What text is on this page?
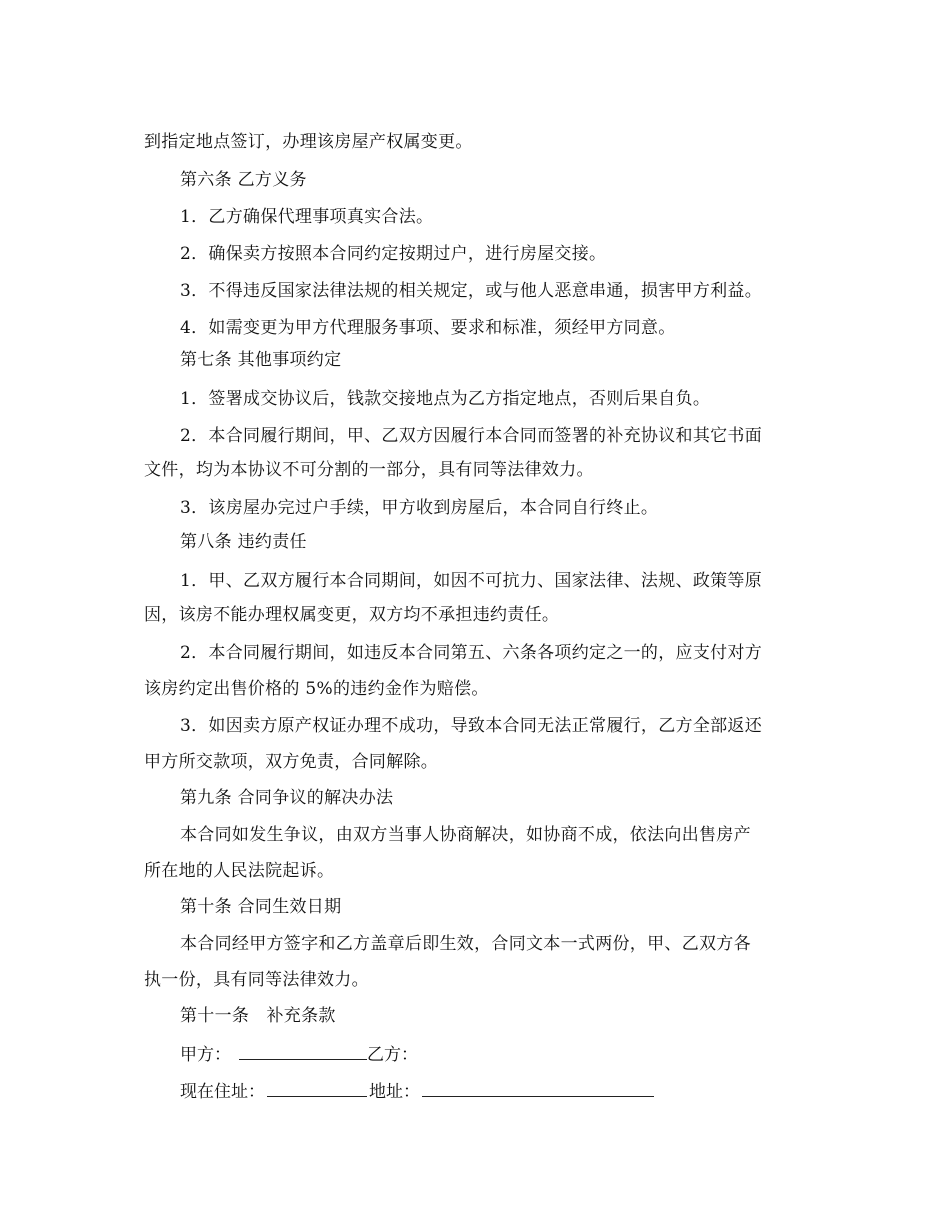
到指定地点签订，办理该房屋产权属变更。
第六条 乙方义务
1．乙方确保代理事项真实合法。
2．确保卖方按照本合同约定按期过户，进行房屋交接。
3．不得违反国家法律法规的相关规定，或与他人恶意串通，损害甲方利益。
4．如需变更为甲方代理服务事项、要求和标准，须经甲方同意。
第七条 其他事项约定
1．签署成交协议后，钱款交接地点为乙方指定地点，否则后果自负。
2．本合同履行期间，甲、乙双方因履行本合同而签署的补充协议和其它书面
文件，均为本协议不可分割的一部分，具有同等法律效力。
3．该房屋办完过户手续，甲方收到房屋后，本合同自行终止。
第八条 违约责任
1．甲、乙双方履行本合同期间，如因不可抗力、国家法律、法规、政策等原
因，该房不能办理权属变更，双方均不承担违约责任。
2．本合同履行期间，如违反本合同第五、六条各项约定之一的，应支付对方
该房约定出售价格的 5%的违约金作为赔偿。
3．如因卖方原产权证办理不成功，导致本合同无法正常履行，乙方全部返还
甲方所交款项，双方免责，合同解除。
第九条 合同争议的解决办法
本合同如发生争议，由双方当事人协商解决，如协商不成，依法向出售房产
所在地的人民法院起诉。
第十条 合同生效日期
本合同经甲方签字和乙方盖章后即生效，合同文本一式两份，甲、乙双方各
执一份，具有同等法律效力。
第十一条　补充条款
甲方：	乙方：
现在住址：	地址：
